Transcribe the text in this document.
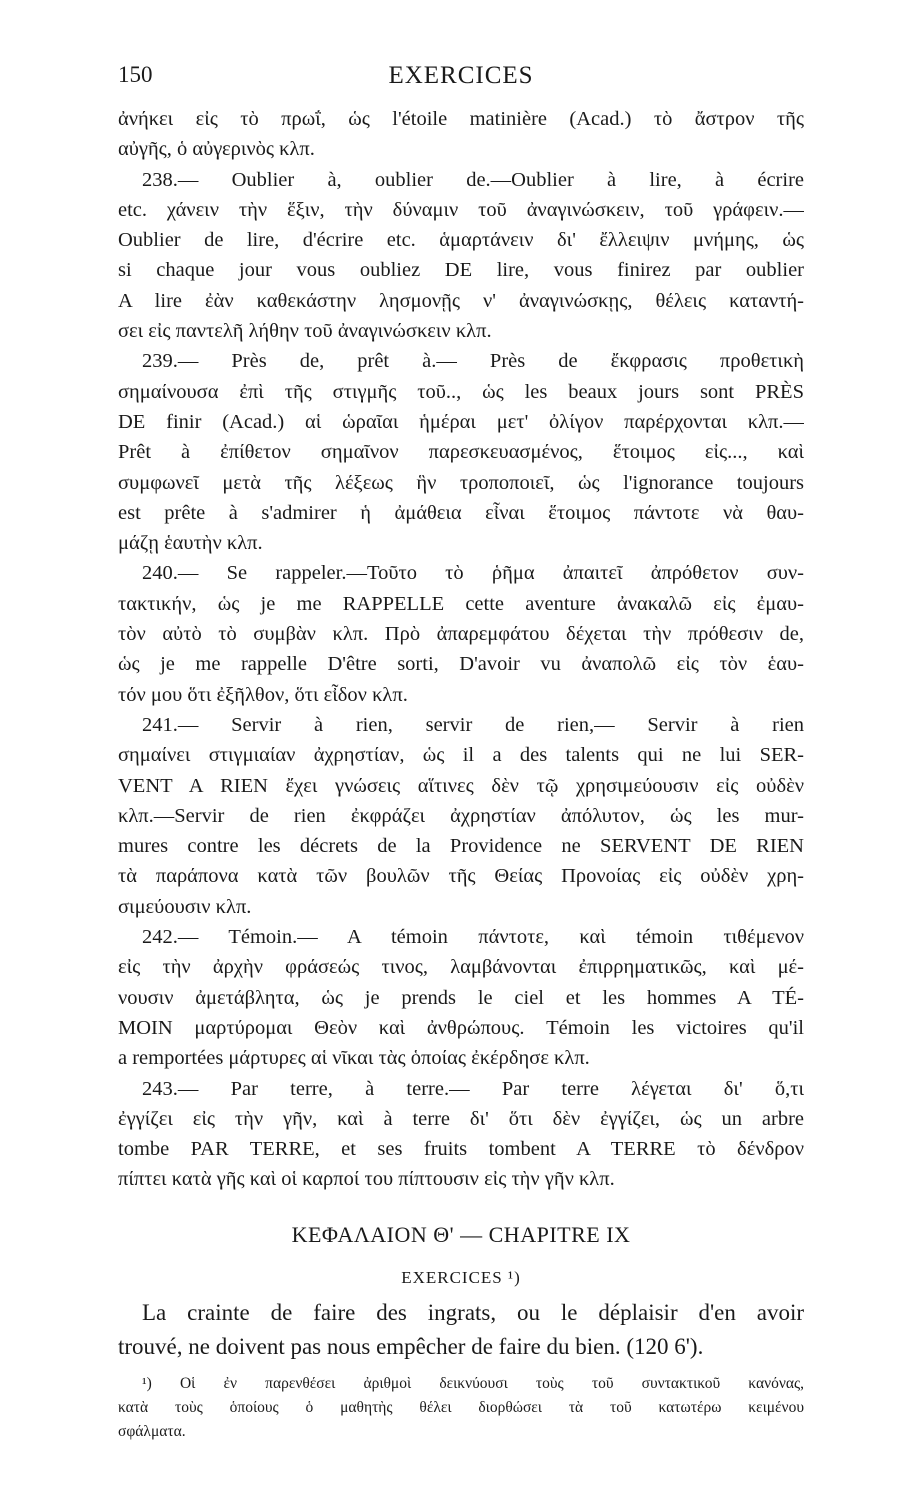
150	EXERCICES
ἀνήκει εἰς τὸ πρωΐ, ὡς l'étoile matinière (Acad.) τὸ ἄστρον τῆς
αὐγῆς, ὁ αὐγερινὸς κλπ.
238.— Oublier à, oublier de.—Oublier à lire, à écrire
etc. χάνειν τὴν ἕξιν, τὴν δύναμιν τοῦ ἀναγινώσκειν, τοῦ γράφειν.—
Oublier de lire, d'écrire etc. ἁμαρτάνειν δι' ἔλλειψιν μνήμης, ὡς
si chaque jour vous oubliez DE lire, vous finirez par oublier
A lire ἐὰν καθεκάστην λησμονῇς ν' ἀναγινώσκῃς, θέλεις καταντή-
σει εἰς παντελῆ λήθην τοῦ ἀναγινώσκειν κλπ.
239.— Près de, prêt à.— Près de ἔκφρασις προθετικὴ
σημαίνουσα ἐπὶ τῆς στιγμῆς τοῦ.., ὡς les beaux jours sont PRÈS
DE finir (Acad.) αἱ ὡραῖαι ἡμέραι μετ' ὀλίγον παρέρχονται κλπ.—
Prêt à ἐπίθετον σημαῖνον παρεσκευασμένος, ἕτοιμος εἰς..., καὶ
συμφωνεῖ μετὰ τῆς λέξεως ἣν τροποποιεῖ, ὡς l'ignorance toujours
est prête à s'admirer ἡ ἀμάθεια εἶναι ἕτοιμος πάντοτε νὰ θαυ-
μάζῃ ἑαυτὴν κλπ.
240.— Se rappeler.—Τοῦτο τὸ ῥῆμα ἀπαιτεῖ ἀπρόθετον συν-
τακτικήν, ὡς je me RAPPELLE cette aventure ἀνακαλῶ εἰς ἐμαυ-
τὸν αὐτὸ τὸ συμβὰν κλπ. Πρὸ ἀπαρεμφάτου δέχεται τὴν πρόθεσιν de,
ὡς je me rappelle D'être sorti, D'avoir vu ἀναπολῶ εἰς τὸν ἑαυ-
τόν μου ὅτι ἐξῆλθον, ὅτι εἶδον κλπ.
241.— Servir à rien, servir de rien,— Servir à rien
σημαίνει στιγμιαίαν ἀχρηστίαν, ὡς il a des talents qui ne lui SER-
VENT A RIEN ἔχει γνώσεις αἵτινες δὲν τῷ χρησιμεύουσιν εἰς οὐδὲν
κλπ.—Servir de rien ἐκφράζει ἀχρηστίαν ἀπόλυτον, ὡς les mur-
mures contre les décrets de la Providence ne SERVENT DE RIEN
τὰ παράπονα κατὰ τῶν βουλῶν τῆς Θείας Προνοίας εἰς οὐδὲν χρη-
σιμεύουσιν κλπ.
242.— Témoin.— A témoin πάντοτε, καὶ témoin τιθέμενον
εἰς τὴν ἀρχὴν φράσεώς τινος, λαμβάνονται ἐπιρρηματικῶς, καὶ μέ-
νουσιν ἀμετάβλητα, ὡς je prends le ciel et les hommes A TÉ-
MOIN μαρτύρομαι Θεὸν καὶ ἀνθρώπους. Témoin les victoires qu'il
a remportées μάρτυρες αἱ νῖκαι τὰς ὁποίας ἐκέρδησε κλπ.
243.— Par terre, à terre.— Par terre λέγεται δι' ὅ,τι
ἐγγίζει εἰς τὴν γῆν, καὶ à terre δι' ὅτι δὲν ἐγγίζει, ὡς un arbre
tombe PAR TERRE, et ses fruits tombent A TERRE τὸ δένδρον
πίπτει κατὰ γῆς καὶ οἱ καρποί του πίπτουσιν εἰς τὴν γῆν κλπ.
ΚΕΦΑΛΑΙΟΝ Θ' — CHAPITRE IX
EXERCICES ¹)
La crainte de faire des ingrats, ou le déplaisir d'en avoir
trouvé, ne doivent pas nous empêcher de faire du bien. (120 6').
¹) Οἱ ἐν παρενθέσει ἀριθμοὶ δεικνύουσι τοὺς τοῦ συντακτικοῦ κανόνας,
κατὰ τοὺς ὁποίους ὁ μαθητὴς θέλει διορθώσει τὰ τοῦ κατωτέρω κειμένου
σφάλματα.
